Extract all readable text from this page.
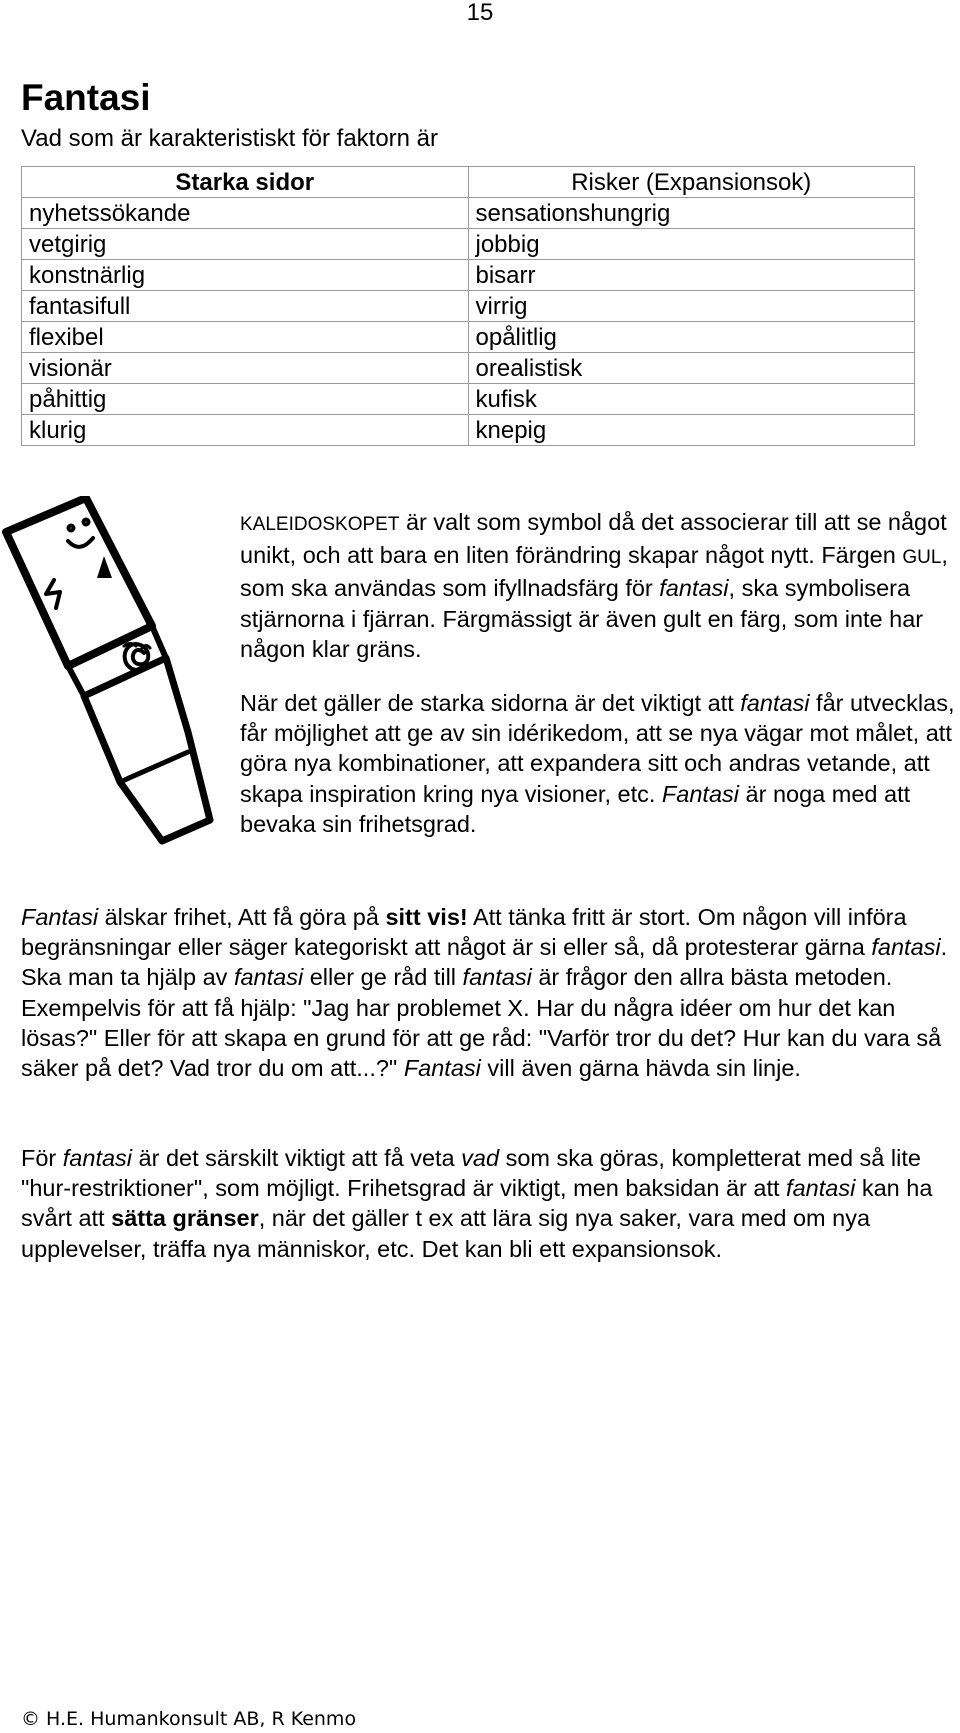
15
Fantasi
Vad som är karakteristiskt för faktorn är
Starka sidor	Risker (Expansionsok)
nyhetssökande	sensationshungrig
vetgirig	jobbig
konstnärlig	bisarr
fantasifull	virrig
flexibel	opålitlig
visionär	orealistisk
påhittig	kufisk
klurig	knepig

KALEIDOSKOPET är valt som symbol då det associerar till att se något unikt, och att bara en liten förändring skapar något nytt. Färgen GUL, som ska användas som ifyllnadsfärg för fantasi, ska symbolisera stjärnorna i fjärran. Färgmässigt är även gult en färg, som inte har någon klar gräns.

När det gäller de starka sidorna är det viktigt att fantasi får utvecklas, får möjlighet att ge av sin idérikedom, att se nya vägar mot målet, att göra nya kombinationer, att expandera sitt och andras vetande, att skapa inspiration kring nya visioner, etc. Fantasi är noga med att bevaka sin frihetsgrad.

Fantasi älskar frihet, Att få göra på sitt vis! Att tänka fritt är stort. Om någon vill införa begränsningar eller säger kategoriskt att något är si eller så, då protesterar gärna fantasi. Ska man ta hjälp av fantasi eller ge råd till fantasi är frågor den allra bästa metoden. Exempelvis för att få hjälp: "Jag har problemet X. Har du några idéer om hur det kan lösas?" Eller för att skapa en grund för att ge råd: "Varför tror du det? Hur kan du vara så säker på det? Vad tror du om att...?" Fantasi vill även gärna hävda sin linje.

För fantasi är det särskilt viktigt att få veta vad som ska göras, kompletterat med så lite "hur-restriktioner", som möjligt. Frihetsgrad är viktigt, men baksidan är att fantasi kan ha svårt att sätta gränser, när det gäller t ex att lära sig nya saker, vara med om nya upplevelser, träffa nya människor, etc. Det kan bli ett expansionsok.

© H.E. Humankonsult AB, R Kenmo
